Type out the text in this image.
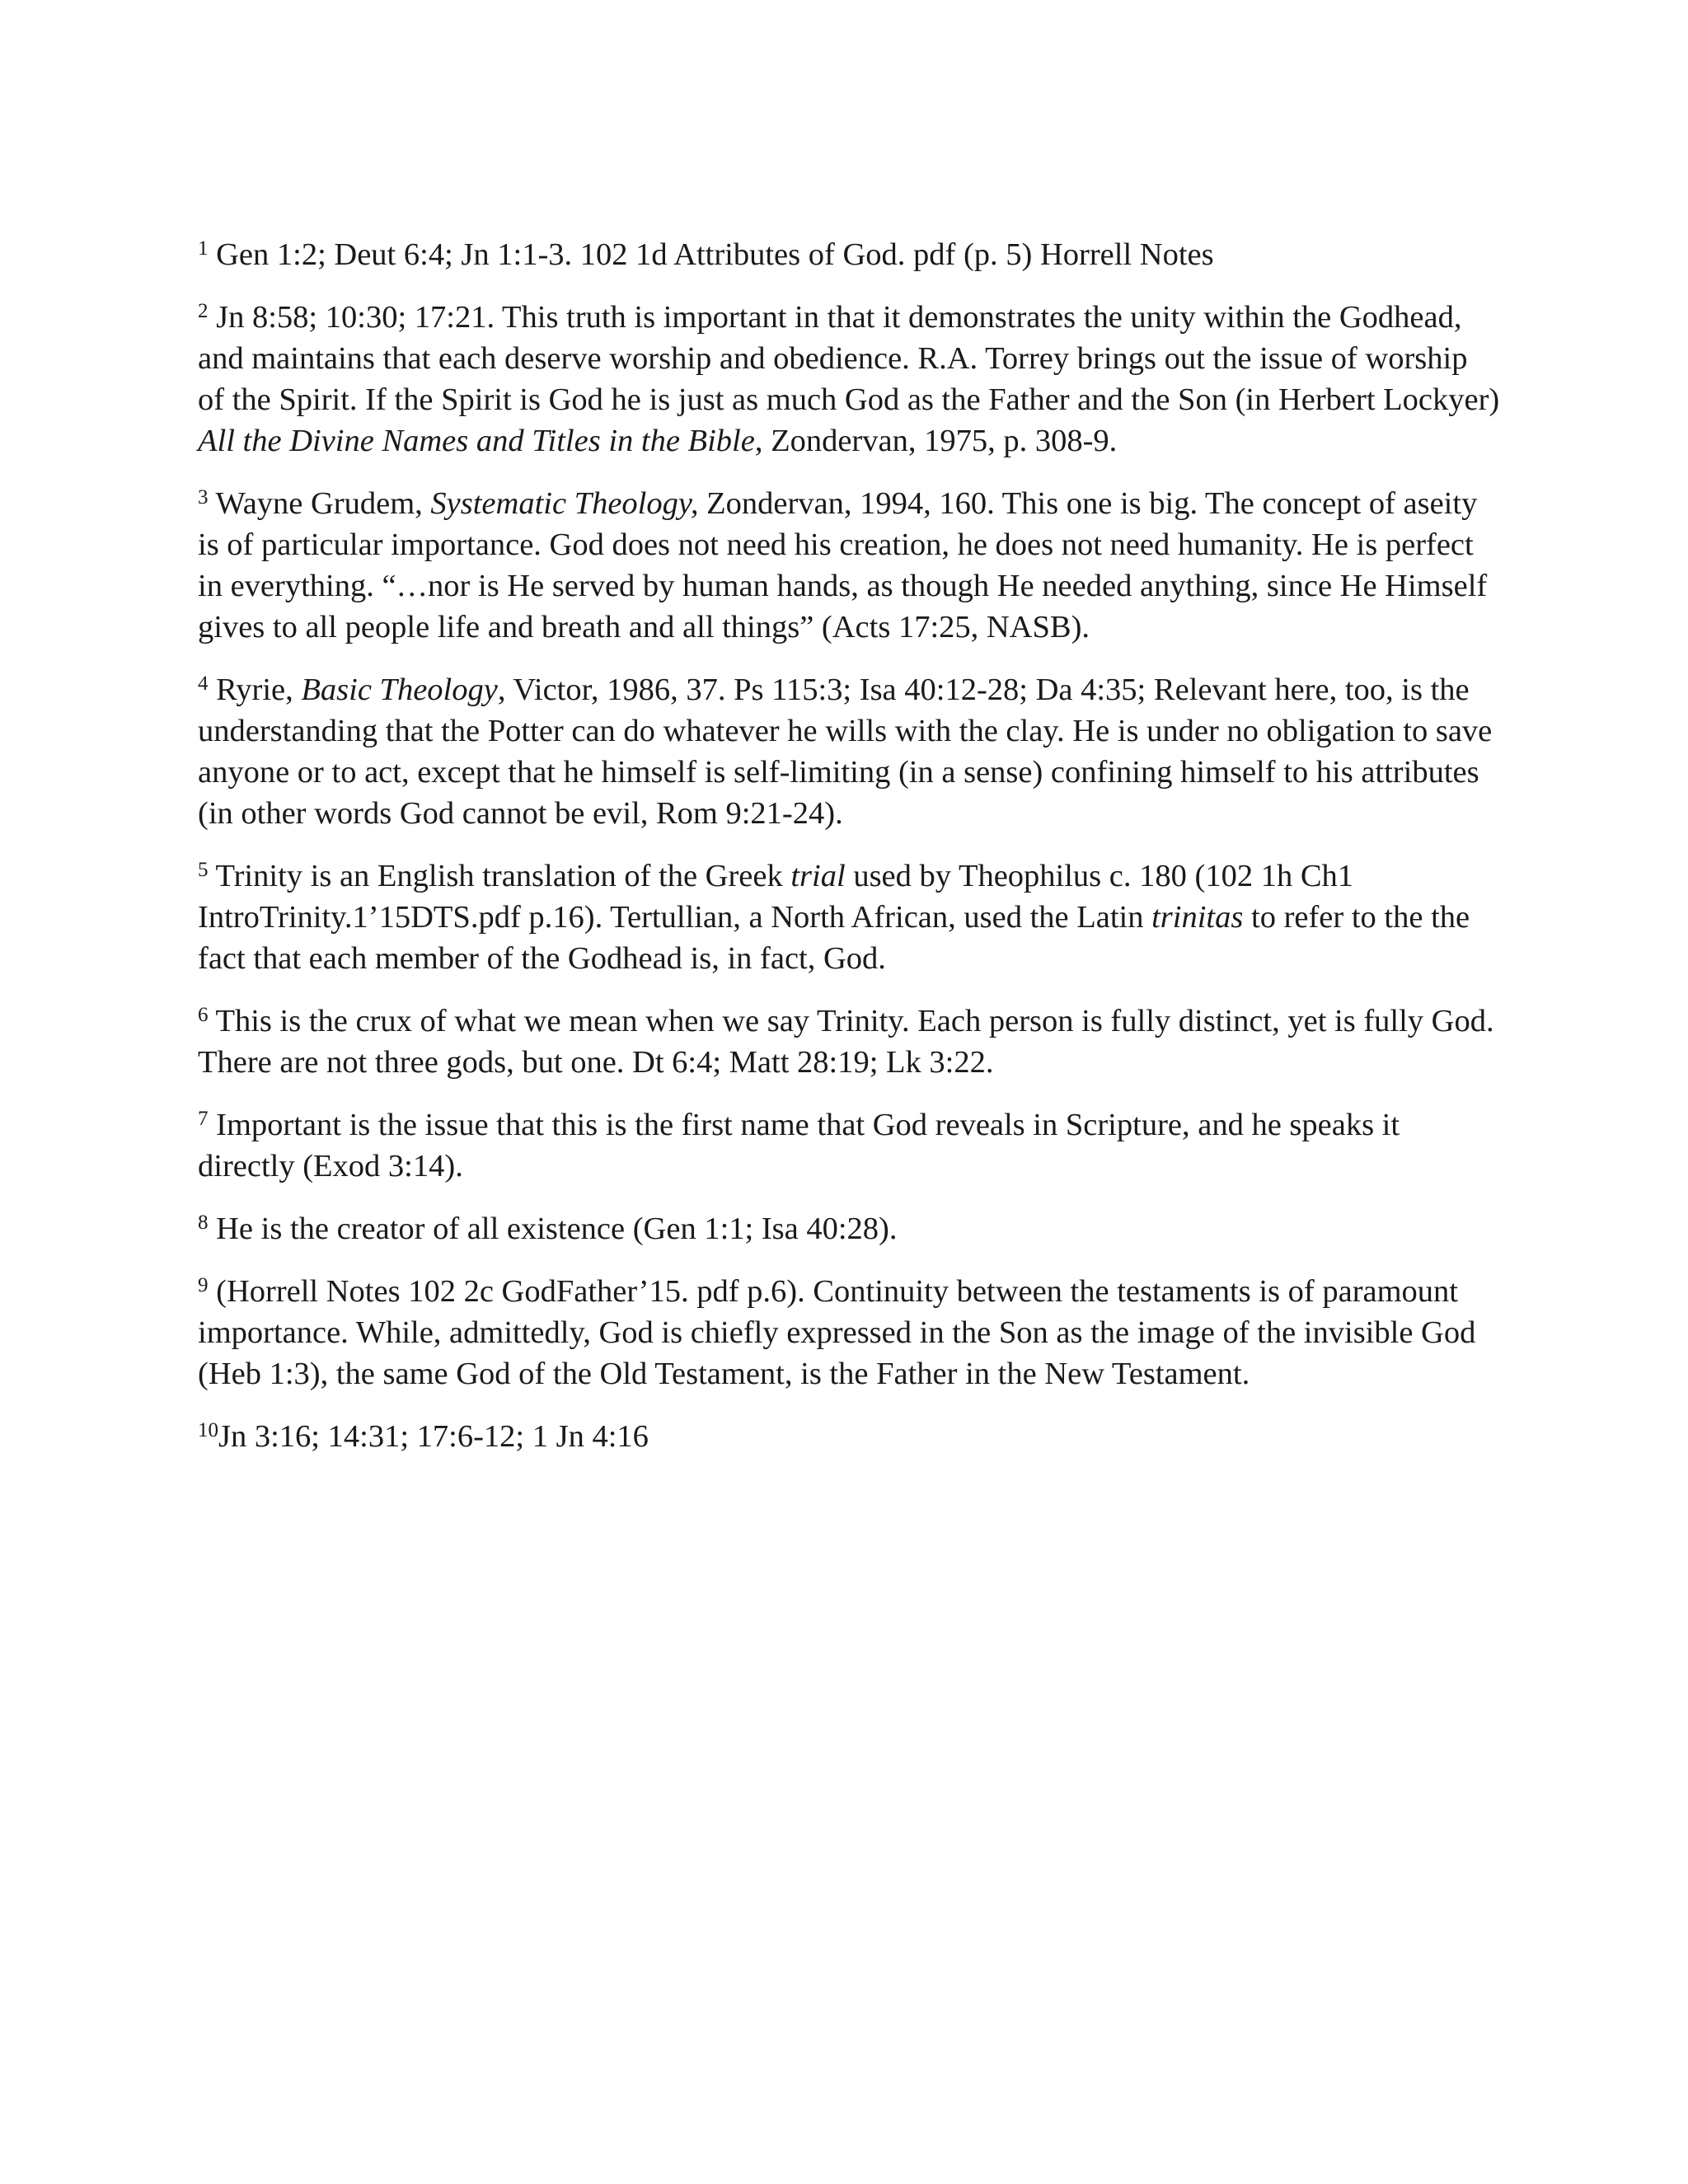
$^1$ Gen 1:2; Deut 6:4; Jn 1:1-3. 102 1d Attributes of God. pdf (p. 5) Horrell Notes

$^2$ Jn 8:58; 10:30; 17:21. This truth is important in that it demonstrates the unity within the Godhead, and maintains that each deserve worship and obedience. R.A. Torrey brings out the issue of worship of the Spirit. If the Spirit is God he is just as much God as the Father and the Son (in Herbert Lockyer) All the Divine Names and Titles in the Bible, Zondervan, 1975, p. 308-9.

$^3$ Wayne Grudem, Systematic Theology, Zondervan, 1994, 160. This one is big. The concept of aseity is of particular importance. God does not need his creation, he does not need humanity. He is perfect in everything. “…nor is He served by human hands, as though He needed anything, since He Himself gives to all people life and breath and all things” (Acts 17:25, NASB).

$^4$ Ryrie, Basic Theology, Victor, 1986, 37. Ps 115:3; Isa 40:12-28; Da 4:35; Relevant here, too, is the understanding that the Potter can do whatever he wills with the clay. He is under no obligation to save anyone or to act, except that he himself is self-limiting (in a sense) confining himself to his attributes (in other words God cannot be evil, Rom 9:21-24).

$^5$ Trinity is an English translation of the Greek trial used by Theophilus c. 180 (102 1h Ch1 IntroTrinity.1’15DTS.pdf p.16). Tertullian, a North African, used the Latin trinitas to refer to the the fact that each member of the Godhead is, in fact, God.

$^6$ This is the crux of what we mean when we say Trinity. Each person is fully distinct, yet is fully God. There are not three gods, but one. Dt 6:4; Matt 28:19; Lk 3:22.

$^7$ Important is the issue that this is the first name that God reveals in Scripture, and he speaks it directly (Exod 3:14).

$^8$ He is the creator of all existence (Gen 1:1; Isa 40:28).

$^9$ (Horrell Notes 102 2c GodFather’15. pdf p.6). Continuity between the testaments is of paramount importance. While, admittedly, God is chiefly expressed in the Son as the image of the invisible God (Heb 1:3), the same God of the Old Testament, is the Father in the New Testament.

$^{10}$Jn 3:16; 14:31; 17:6-12; 1 Jn 4:16
